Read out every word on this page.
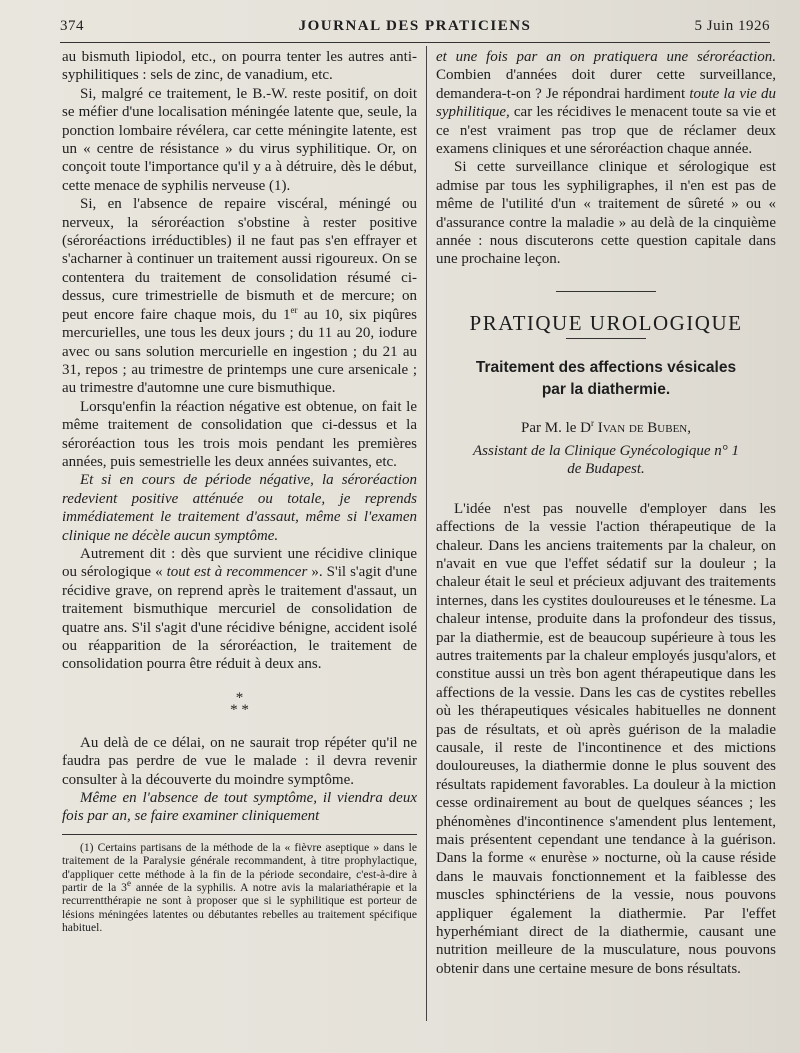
374	JOURNAL DES PRATICIENS	5 Juin 1926

au bismuth lipiodol, etc., on pourra tenter les autres anti-syphilitiques : sels de zinc, de vanadium, etc.

Si, malgré ce traitement, le B.-W. reste positif, on doit se méfier d'une localisation méningée latente que, seule, la ponction lombaire révélera, car cette méningite latente, est un « centre de résistance » du virus syphilitique. Or, on conçoit toute l'importance qu'il y a à détruire, dès le début, cette menace de syphilis nerveuse (1).

Si, en l'absence de repaire viscéral, méningé ou nerveux, la séroréaction s'obstine à rester positive (séroréactions irréductibles) il ne faut pas s'en effrayer et s'acharner à continuer un traitement aussi rigoureux. On se contentera du traitement de consolidation résumé ci-dessus, cure trimestrielle de bismuth et de mercure; on peut encore faire chaque mois, du 1er au 10, six piqûres mercurielles, une tous les deux jours ; du 11 au 20, iodure avec ou sans solution mercurielle en ingestion ; du 21 au 31, repos ; au trimestre de printemps une cure arsenicale ; au trimestre d'automne une cure bismuthique.

Lorsqu'enfin la réaction négative est obtenue, on fait le même traitement de consolidation que ci-dessus et la séroréaction tous les trois mois pendant les premières années, puis semestrielle les deux années suivantes, etc.

Et si en cours de période négative, la séroréaction redevient positive atténuée ou totale, je reprends immédiatement le traitement d'assaut, même si l'examen clinique ne décèle aucun symptôme.

Autrement dit : dès que survient une récidive clinique ou sérologique « tout est à recommencer ». S'il s'agit d'une récidive grave, on reprend après le traitement d'assaut, un traitement bismuthique mercuriel de consolidation de quatre ans. S'il s'agit d'une récidive bénigne, accident isolé ou réapparition de la séroréaction, le traitement de consolidation pourra être réduit à deux ans.

*
* *

Au delà de ce délai, on ne saurait trop répéter qu'il ne faudra pas perdre de vue le malade : il devra revenir consulter à la découverte du moindre symptôme.

Même en l'absence de tout symptôme, il viendra deux fois par an, se faire examiner cliniquement

(1) Certains partisans de la méthode de la « fièvre aseptique » dans le traitement de la Paralysie générale recommandent, à titre prophylactique, d'appliquer cette méthode à la fin de la période secondaire, c'est-à-dire à partir de la 3e année de la syphilis. A notre avis la malariathérapie et la recurrentthérapie ne sont à proposer que si le syphilitique est porteur de lésions méningées latentes ou débutantes rebelles au traitement spécifique habituel.

et une fois par an on pratiquera une séroréaction. Combien d'années doit durer cette surveillance, demandera-t-on ? Je répondrai hardiment toute la vie du syphilitique, car les récidives le menacent toute sa vie et ce n'est vraiment pas trop que de réclamer deux examens cliniques et une séroréaction chaque année.

Si cette surveillance clinique et sérologique est admise par tous les syphiligraphes, il n'en est pas de même de l'utilité d'un « traitement de sûreté » ou « d'assurance contre la maladie » au delà de la cinquième année : nous discuterons cette question capitale dans une prochaine leçon.

PRATIQUE UROLOGIQUE
Traitement des affections vésicales
par la diathermie.
Par M. le $D^r$ Ivan de Buben,
Assistant de la Clinique Gynécologique n° 1
de Budapest.

L'idée n'est pas nouvelle d'employer dans les affections de la vessie l'action thérapeutique de la chaleur. Dans les anciens traitements par la chaleur, on n'avait en vue que l'effet sédatif sur la douleur ; la chaleur était le seul et précieux adjuvant des traitements internes, dans les cystites douloureuses et le ténesme. La chaleur intense, produite dans la profondeur des tissus, par la diathermie, est de beaucoup supérieure à tous les autres traitements par la chaleur employés jusqu'alors, et constitue aussi un très bon agent thérapeutique dans les affections de la vessie. Dans les cas de cystites rebelles où les thérapeutiques vésicales habituelles ne donnent pas de résultats, et où après guérison de la maladie causale, il reste de l'incontinence et des mictions douloureuses, la diathermie donne le plus souvent des résultats rapidement favorables. La douleur à la miction cesse ordinairement au bout de quelques séances ; les phénomènes d'incontinence s'amendent plus lentement, mais présentent cependant une tendance à la guérison. Dans la forme « enurèse » nocturne, où la cause réside dans le mauvais fonctionnement et la faiblesse des muscles sphinctériens de la vessie, nous pouvons appliquer également la diathermie. Par l'effet hyperhémiant direct de la diathermie, causant une nutrition meilleure de la musculature, nous pouvons obtenir dans une certaine mesure de bons résultats.
